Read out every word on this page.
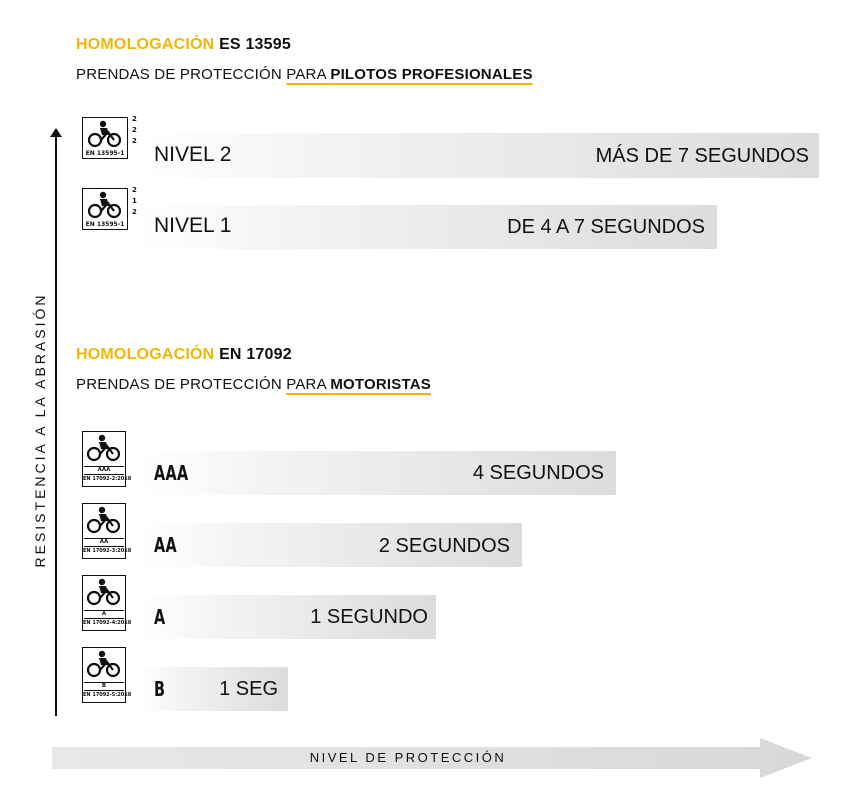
HOMOLOGACIÓN ES 13595
PRENDAS DE PROTECCIÓN PARA PILOTOS PROFESIONALES
HOMOLOGACIÓN EN 17092
PRENDAS DE PROTECCIÓN PARA MOTORISTAS
RESISTENCIA A LA ABRASIÓN
NIVEL DE PROTECCIÓN
NIVEL 2	MÁS DE 7 SEGUNDOS
NIVEL 1	DE 4 A 7 SEGUNDOS
AAA	4 SEGUNDOS
AA	2 SEGUNDOS
A	1 SEGUNDO
B	1 SEG
EN 13595-1
2
2
2
EN 13595-1
2
1
2
AAA
EN 17092-2:2018
AA
EN 17092-3:2018
A
EN 17092-4:2018
B
EN 17092-5:2018
